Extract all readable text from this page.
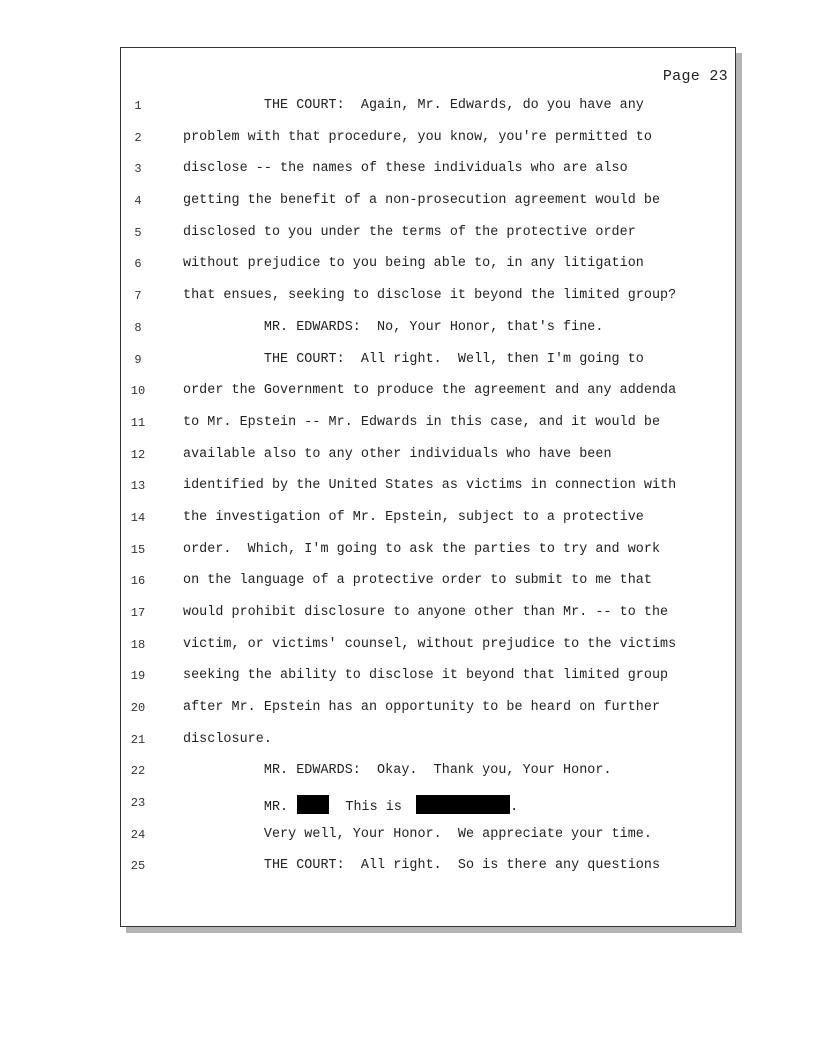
Page 23
1	THE COURT:  Again, Mr. Edwards, do you have any
2	problem with that procedure, you know, you're permitted to
3	disclose -- the names of these individuals who are also
4	getting the benefit of a non-prosecution agreement would be
5	disclosed to you under the terms of the protective order
6	without prejudice to you being able to, in any litigation
7	that ensues, seeking to disclose it beyond the limited group?
8	MR. EDWARDS:  No, Your Honor, that's fine.
9	THE COURT:  All right.  Well, then I'm going to
10	order the Government to produce the agreement and any addenda
11	to Mr. Epstein -- Mr. Edwards in this case, and it would be
12	available also to any other individuals who have been
13	identified by the United States as victims in connection with
14	the investigation of Mr. Epstein, subject to a protective
15	order.  Which, I'm going to ask the parties to try and work
16	on the language of a protective order to submit to me that
17	would prohibit disclosure to anyone other than Mr. -- to the
18	victim, or victims' counsel, without prejudice to the victims
19	seeking the ability to disclose it beyond that limited group
20	after Mr. Epstein has an opportunity to be heard on further
21	disclosure.
22	MR. EDWARDS:  Okay.  Thank you, Your Honor.
23	MR.   This is	.
24	Very well, Your Honor.  We appreciate your time.
25	THE COURT:  All right.  So is there any questions
